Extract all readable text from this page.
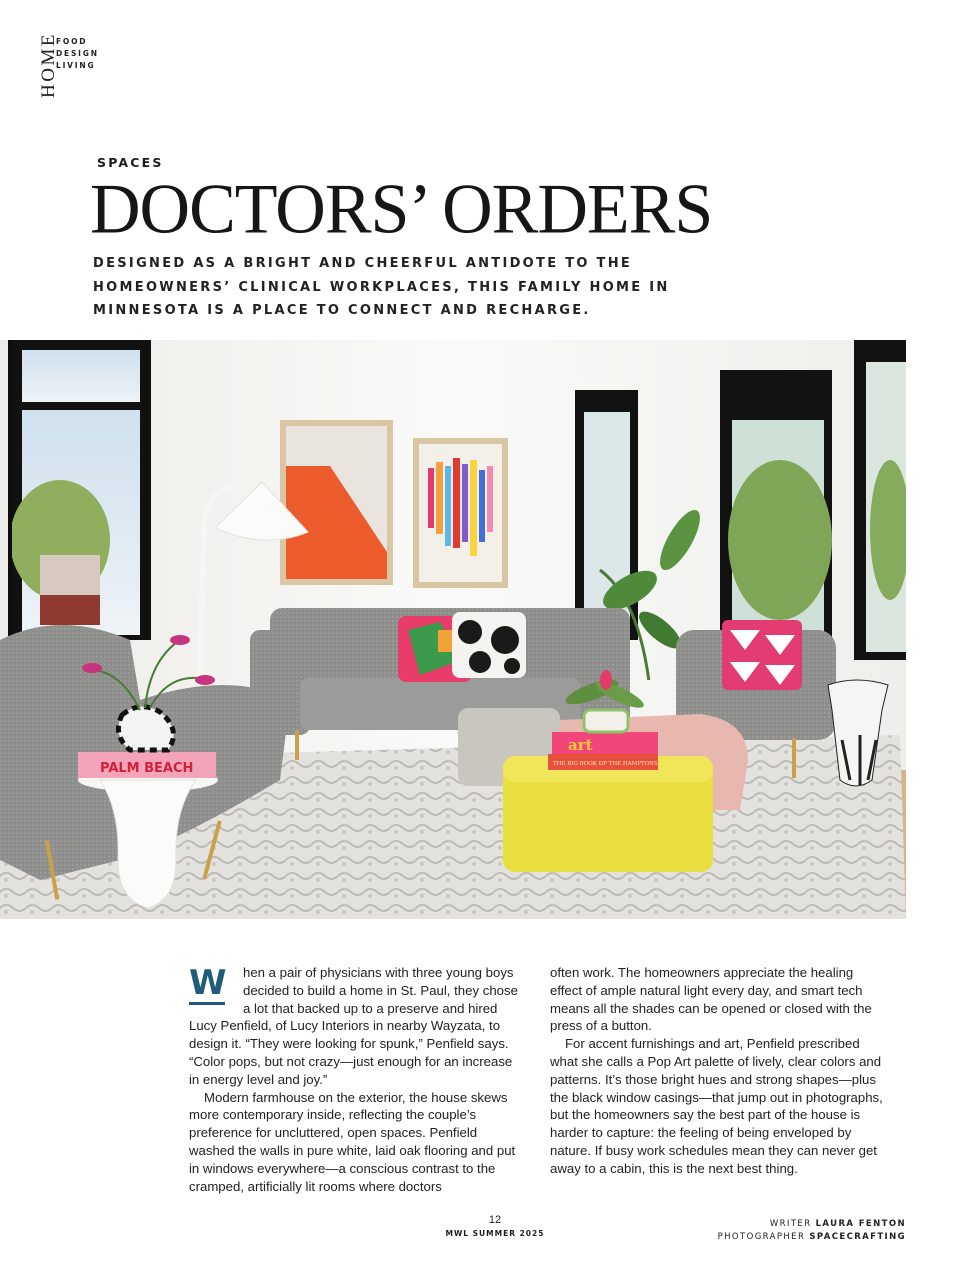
HOME
FOOD
DESIGN
LIVING
SPACES
DOCTORS’ ORDERS

DESIGNED AS A BRIGHT AND CHEERFUL ANTIDOTE TO THE HOMEOWNERS’ CLINICAL WORKPLACES, THIS FAMILY HOME IN MINNESOTA IS A PLACE TO CONNECT AND RECHARGE.

PALM BEACH
art
THE BIG BOOK OF THE HAMPTONS
W	hen a pair of physicians with three young boys decided to build a home in St. Paul, they chose a lot that backed up to a preserve and hired Lucy Penfield, of Lucy Interiors in nearby Wayzata, to design it. “They were looking for spunk,” Penfield says. “Color pops, but not crazy—just enough for an increase in energy level and joy.”

Modern farmhouse on the exterior, the house skews more contemporary inside, reflecting the couple’s preference for uncluttered, open spaces. Penfield washed the walls in pure white, laid oak flooring and put in windows everywhere—a conscious contrast to the cramped, artificially lit rooms where doctors

often work. The homeowners appreciate the healing effect of ample natural light every day, and smart tech means all the shades can be opened or closed with the press of a button.

For accent furnishings and art, Penfield prescribed what she calls a Pop Art palette of lively, clear colors and patterns. It’s those bright hues and strong shapes—plus the black window casings—that jump out in photographs, but the homeowners say the best part of the house is harder to capture: the feeling of being enveloped by nature. If busy work schedules mean they can never get away to a cabin, this is the next best thing.

12
MWL SUMMER 2025
WRITER LAURA FENTON
PHOTOGRAPHER SPACECRAFTING
